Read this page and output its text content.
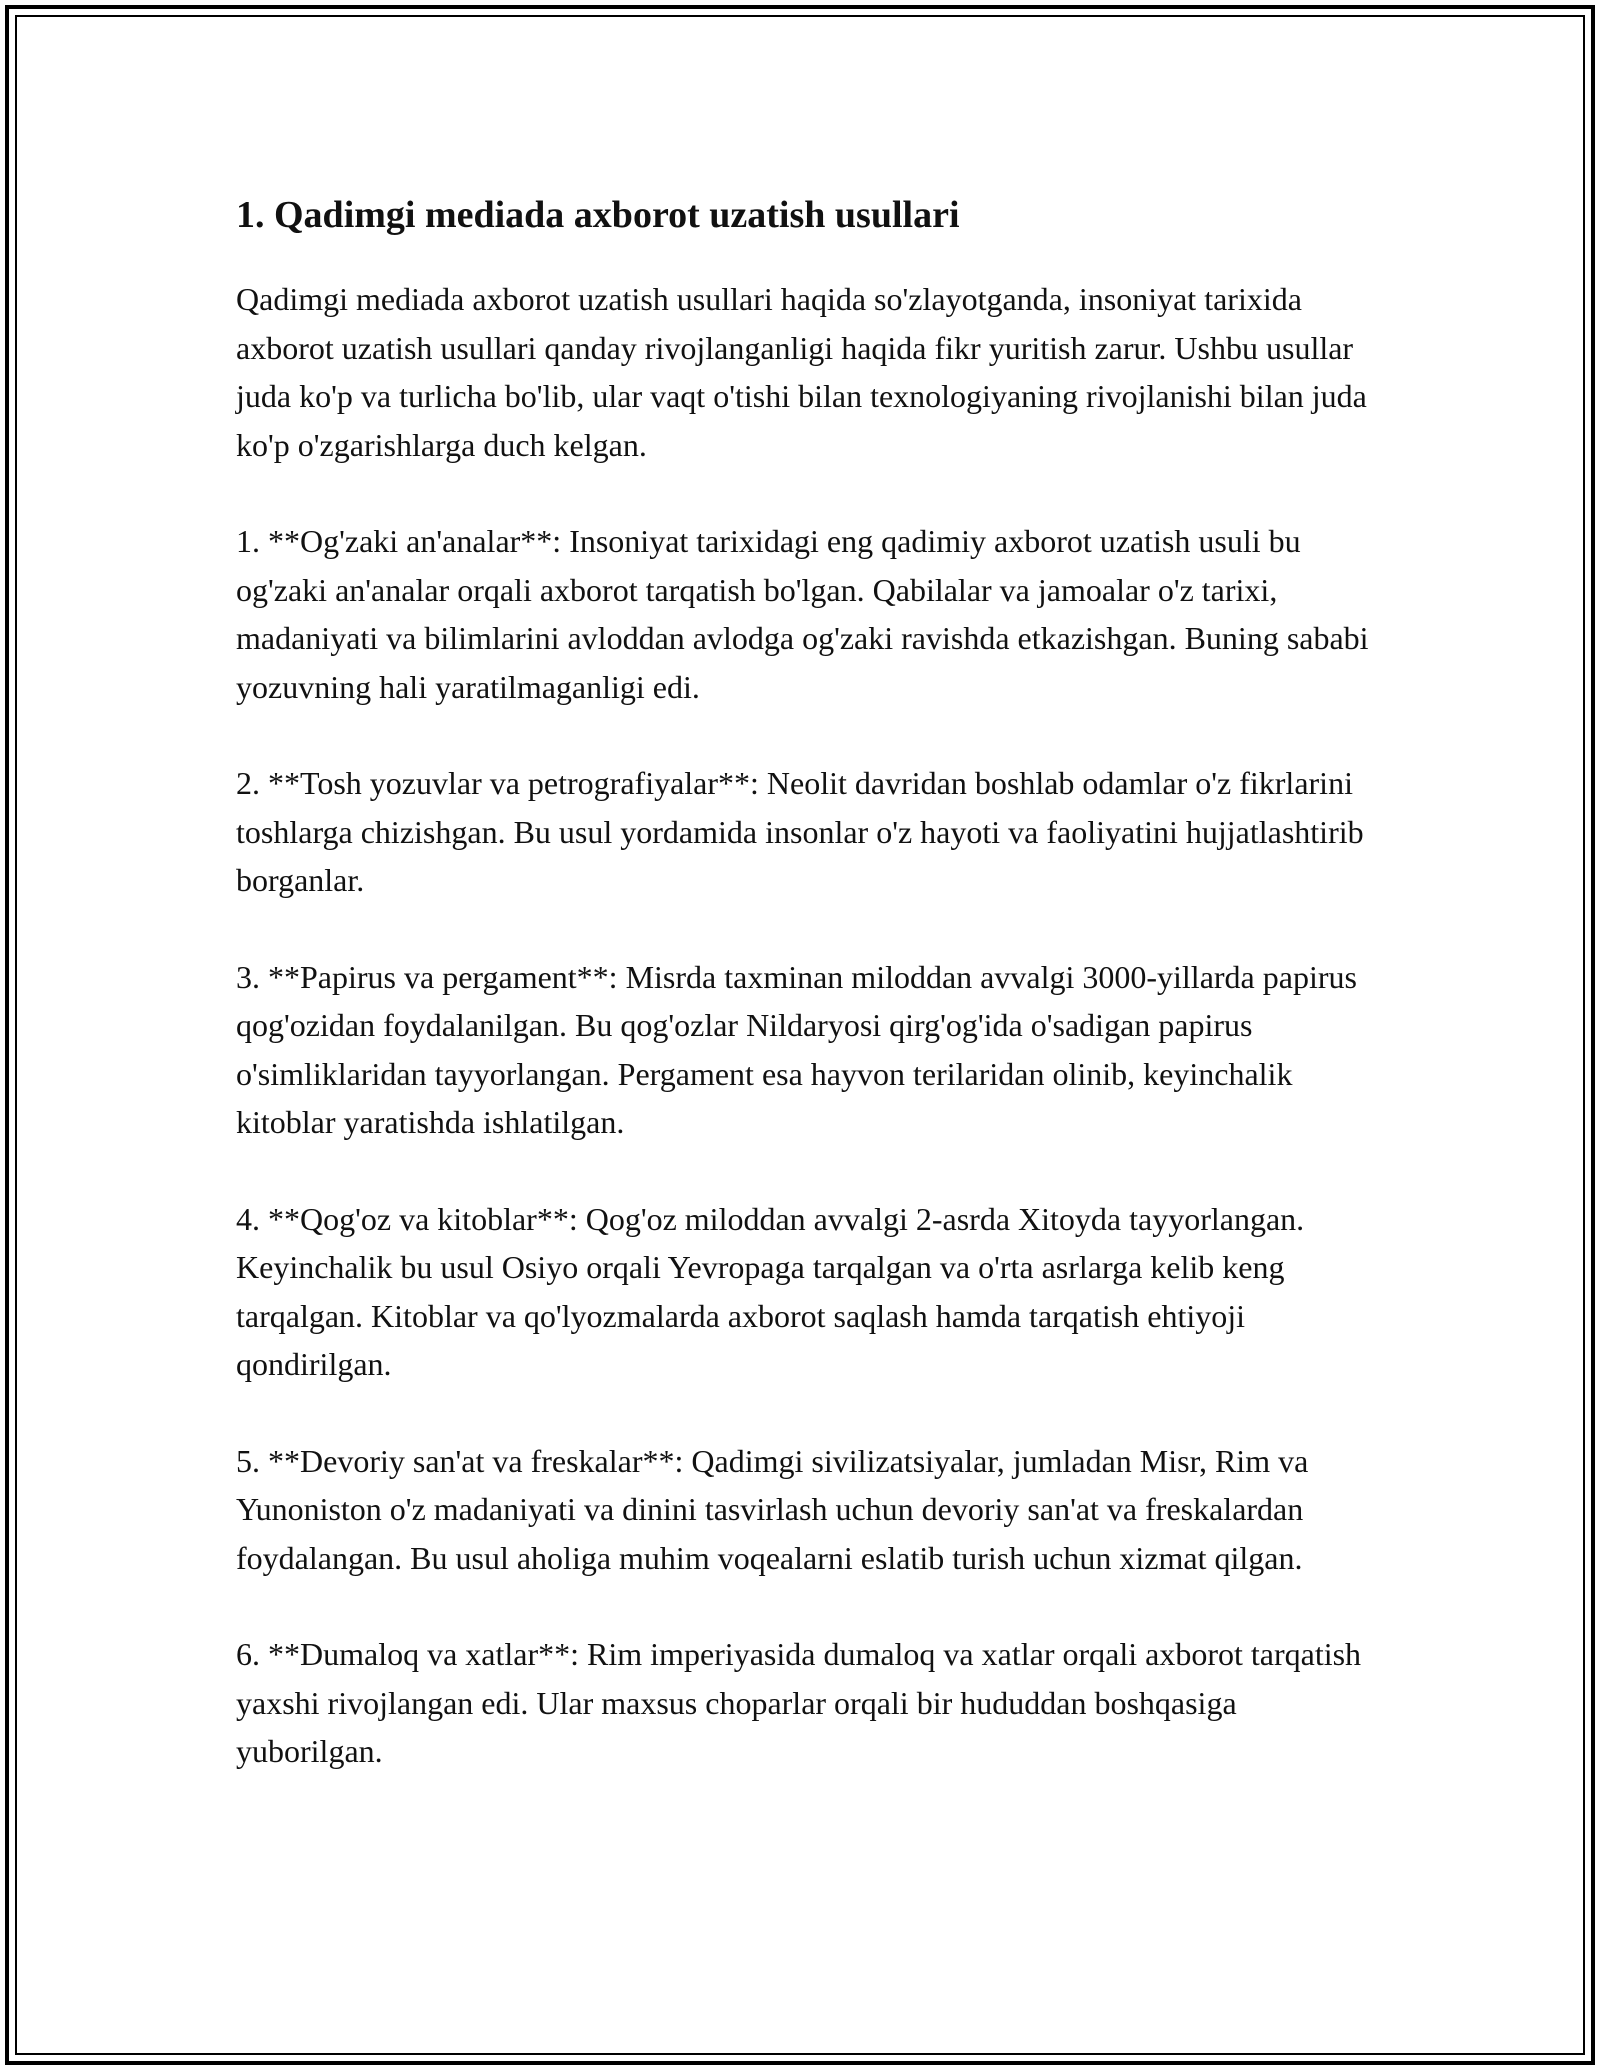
1. Qadimgi mediada axborot uzatish usullari

Qadimgi mediada axborot uzatish usullari haqida so'zlayotganda, insoniyat tarixida axborot uzatish usullari qanday rivojlanganligi haqida fikr yuritish zarur. Ushbu usullar juda ko'p va turlicha bo'lib, ular vaqt o'tishi bilan texnologiyaning rivojlanishi bilan juda ko'p o'zgarishlarga duch kelgan.

1. **Og'zaki an'analar**: Insoniyat tarixidagi eng qadimiy axborot uzatish usuli bu og'zaki an'analar orqali axborot tarqatish bo'lgan. Qabilalar va jamoalar o'z tarixi, madaniyati va bilimlarini avloddan avlodga og'zaki ravishda etkazishgan. Buning sababi yozuvning hali yaratilmaganligi edi.

2. **Tosh yozuvlar va petrografiyalar**: Neolit davridan boshlab odamlar o'z fikrlarini toshlarga chizishgan. Bu usul yordamida insonlar o'z hayoti va faoliyatini hujjatlashtirib borganlar.

3. **Papirus va pergament**: Misrda taxminan miloddan avvalgi 3000-yillarda papirus qog'ozidan foydalanilgan. Bu qog'ozlar Nildaryosi qirg'og'ida o'sadigan papirus o'simliklaridan tayyorlangan. Pergament esa hayvon terilaridan olinib, keyinchalik kitoblar yaratishda ishlatilgan.

4. **Qog'oz va kitoblar**: Qog'oz miloddan avvalgi 2-asrda Xitoyda tayyorlangan. Keyinchalik bu usul Osiyo orqali Yevropaga tarqalgan va o'rta asrlarga kelib keng tarqalgan. Kitoblar va qo'lyozmalarda axborot saqlash hamda tarqatish ehtiyoji qondirilgan.

5. **Devoriy san'at va freskalar**: Qadimgi sivilizatsiyalar, jumladan Misr, Rim va Yunoniston o'z madaniyati va dinini tasvirlash uchun devoriy san'at va freskalardan foydalangan. Bu usul aholiga muhim voqealarni eslatib turish uchun xizmat qilgan.

6. **Dumaloq va xatlar**: Rim imperiyasida dumaloq va xatlar orqali axborot tarqatish yaxshi rivojlangan edi. Ular maxsus choparlar orqali bir hududdan boshqasiga yuborilgan.
